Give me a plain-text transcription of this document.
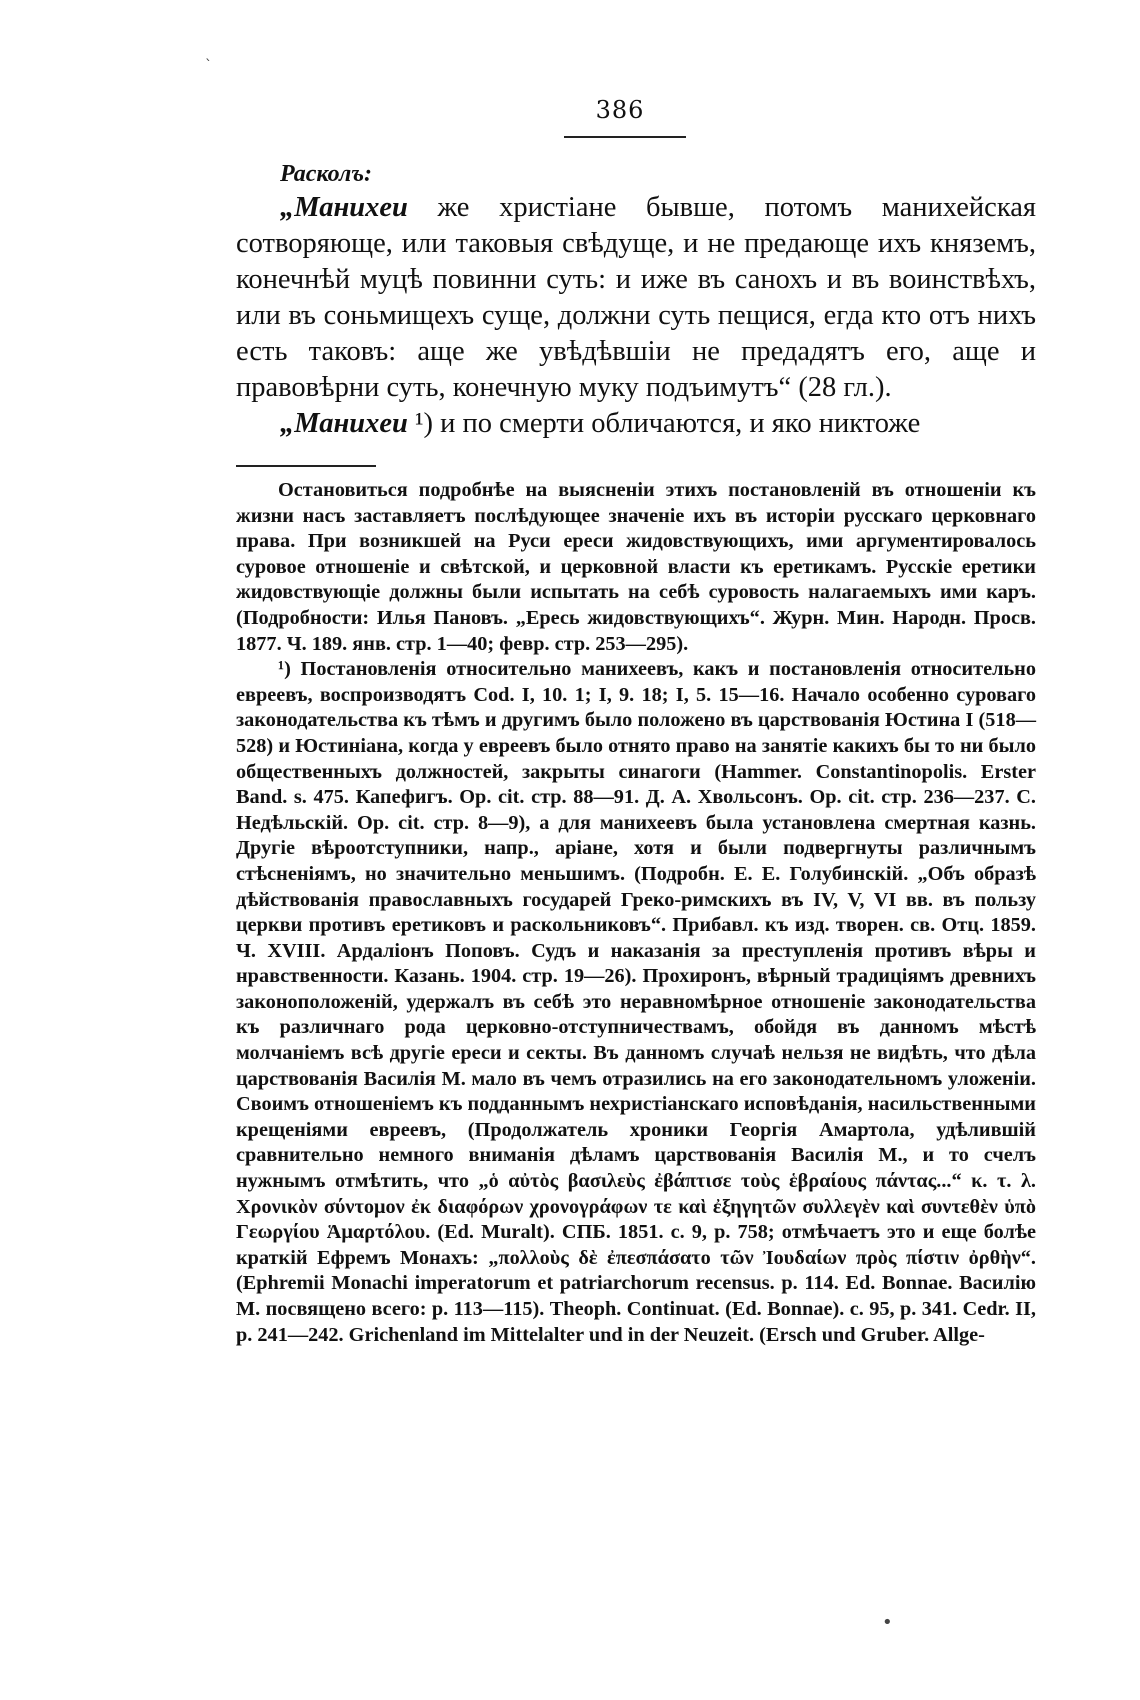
`
386

Расколъ:

„Манихеи же христiане бывше, потомъ манихейская сотворяюще, или таковыя свѣдуще, и не предающе ихъ княземъ, конечнѣй муцѣ повинни суть: и иже въ санохъ и въ воинствѣхъ, или въ соньмищехъ суще, должни суть пещися, егда кто отъ нихъ есть таковъ: аще же увѣдѣвшiи не предадятъ его, аще и правовѣрни суть, конечную муку подъимутъ“ (28 гл.).

„Манихеи ¹) и по смерти обличаются, и яко никтоже

Остановиться подробнѣе на выясненiи этихъ постановленiй въ отношенiи къ жизни насъ заставляетъ послѣдующее значенiе ихъ въ исторiи русскаго церковнаго права. При возникшей на Руси ереси жидовствующихъ, ими аргументировалось суровое отношенiе и свѣтской, и церковной власти къ еретикамъ. Русскiе еретики жидовствующiе должны были испытать на себѣ суровость налагаемыхъ ими каръ. (Подробности: Илья Пановъ. „Ересь жидовствующихъ“. Журн. Мин. Народн. Просв. 1877. Ч. 189. янв. стр. 1—40; февр. стр. 253—295).

¹) Постановленiя относительно манихеевъ, какъ и постановленiя относительно евреевъ, воспроизводятъ Cod. I, 10. 1; I, 9. 18; I, 5. 15—16. Начало особенно суроваго законодательства къ тѣмъ и другимъ было положено въ царствованiя Юстина I (518—528) и Юстинiана, когда у евреевъ было отнято право на занятiе какихъ бы то ни было общественныхъ должностей, закрыты синагоги (Hammer. Constantinopolis. Erster Band. s. 475. Капефигъ. Op. cit. стр. 88—91. Д. А. Хвольсонъ. Op. cit. стр. 236—237. С. Недѣльскiй. Op. cit. стр. 8—9), а для манихеевъ была установлена смертная казнь. Другiе вѣроотступники, напр., арiане, хотя и были подвергнуты различнымъ стѣсненiямъ, но значительно меньшимъ. (Подробн. Е. Е. Голубинскiй. „Объ образѣ дѣйствованiя православныхъ государей Греко-римскихъ въ IV, V, VI вв. въ пользу церкви противъ еретиковъ и раскольниковъ“. Прибавл. къ изд. творен. св. Отц. 1859. Ч. XVIII. Ардалiонъ Поповъ. Судъ и наказанiя за преступленiя противъ вѣры и нравственности. Казань. 1904. стр. 19—26). Прохиронъ, вѣрный традицiямъ древнихъ законоположенiй, удержалъ въ себѣ это неравномѣрное отношенiе законодательства къ различнаго рода церковно-отступничествамъ, обойдя въ данномъ мѣстѣ молчанiемъ всѣ другiе ереси и секты. Въ данномъ случаѣ нельзя не видѣть, что дѣла царствованiя Василiя М. мало въ чемъ отразились на его законодательномъ уложенiи. Своимъ отношенiемъ къ подданнымъ нехристiанскаго исповѣданiя, насильственными крещенiями евреевъ, (Продолжатель хроники Георгiя Амартола, удѣлившiй сравнительно немного вниманiя дѣламъ царствованiя Василiя М., и то счелъ нужнымъ отмѣтить, что „ὁ αὐτὸς βασιλεὺς ἐβάπτισε τοὺς ἑβραίους πάντας...“ κ. τ. λ. Χρονικὸν σύντομον ἐκ διαφόρων χρονογράφων τε καὶ ἐξηγητῶν συλλεγὲν καὶ συντεθὲν ὑπὸ Γεωργίου Ἁμαρτόλου. (Ed. Muralt). СПБ. 1851. с. 9, p. 758; отмѣчаетъ это и еще болѣе краткiй Ефремъ Монахъ: „πολλοὺς δὲ ἐπεσπάσατο τῶν Ἰουδαίων πρὸς πίστιν ὀρθὴν“. (Ephremii Monachi imperatorum et patriarchorum recensus. p. 114. Ed. Bonnae. Василiю М. посвящено всего: p. 113—115). Theoph. Continuat. (Ed. Bonnae). c. 95, p. 341. Cedr. II, p. 241—242. Grichenland im Mittelalter und in der Neuzeit. (Ersch und Gruber. Allge-

•
